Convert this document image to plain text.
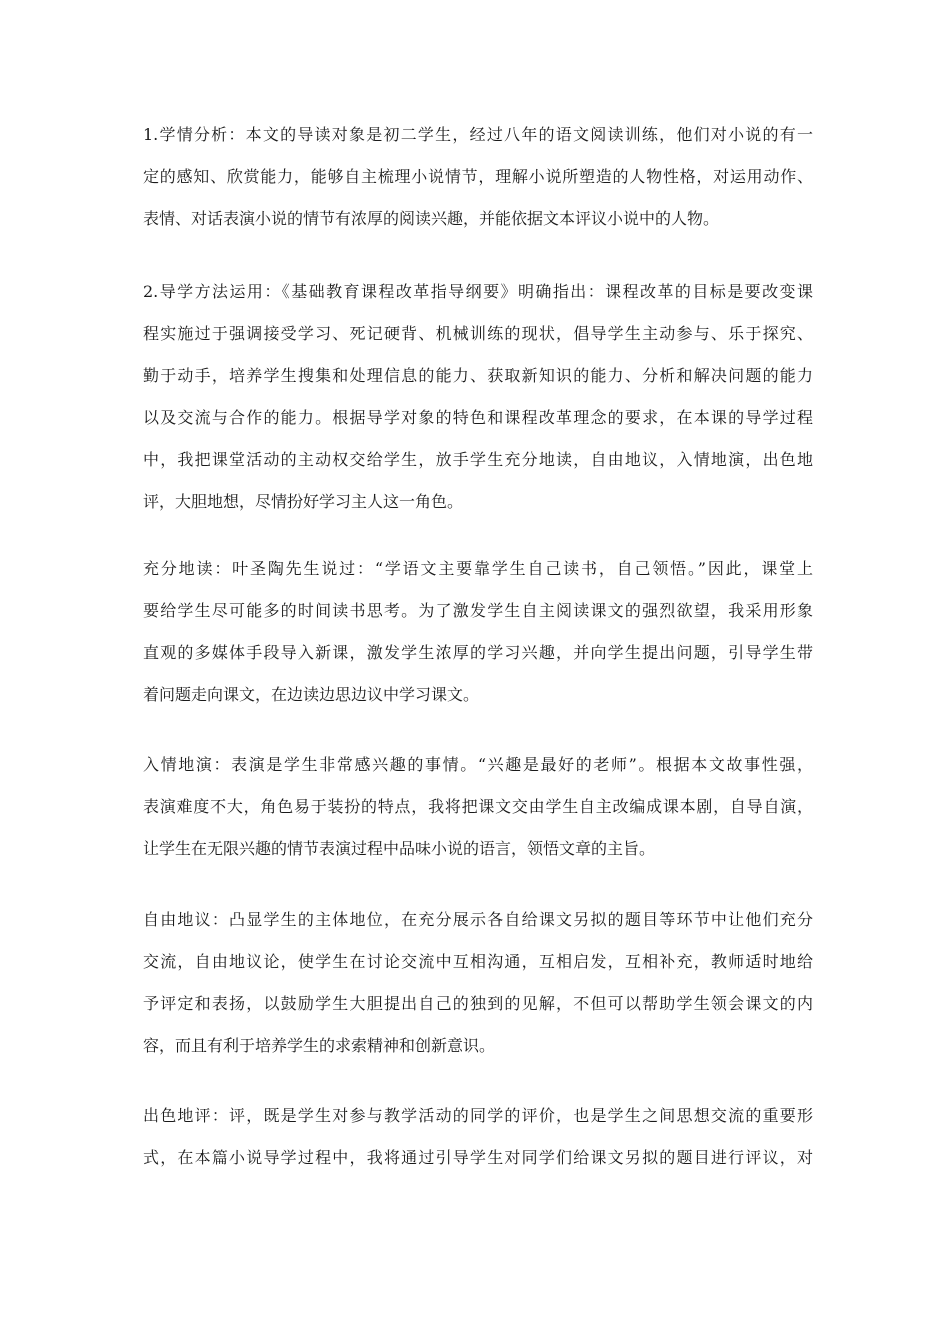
1.学情分析：本文的导读对象是初二学生，经过八年的语文阅读训练，他们对小说的有一
定的感知、欣赏能力，能够自主梳理小说情节，理解小说所塑造的人物性格，对运用动作、
表情、对话表演小说的情节有浓厚的阅读兴趣，并能依据文本评议小说中的人物。
2.导学方法运用：《基础教育课程改革指导纲要》明确指出：课程改革的目标是要改变课
程实施过于强调接受学习、死记硬背、机械训练的现状，倡导学生主动参与、乐于探究、
勤于动手，培养学生搜集和处理信息的能力、获取新知识的能力、分析和解决问题的能力
以及交流与合作的能力。根据导学对象的特色和课程改革理念的要求，在本课的导学过程
中，我把课堂活动的主动权交给学生，放手学生充分地读，自由地议，入情地演，出色地
评，大胆地想，尽情扮好学习主人这一角色。
充分地读：叶圣陶先生说过：“学语文主要靠学生自己读书，自己领悟。”因此，课堂上
要给学生尽可能多的时间读书思考。为了激发学生自主阅读课文的强烈欲望，我采用形象
直观的多媒体手段导入新课，激发学生浓厚的学习兴趣，并向学生提出问题，引导学生带
着问题走向课文，在边读边思边议中学习课文。
入情地演：表演是学生非常感兴趣的事情。“兴趣是最好的老师”。根据本文故事性强，
表演难度不大，角色易于装扮的特点，我将把课文交由学生自主改编成课本剧，自导自演，
让学生在无限兴趣的情节表演过程中品味小说的语言，领悟文章的主旨。
自由地议：凸显学生的主体地位，在充分展示各自给课文另拟的题目等环节中让他们充分
交流，自由地议论，使学生在讨论交流中互相沟通，互相启发，互相补充，教师适时地给
予评定和表扬，以鼓励学生大胆提出自己的独到的见解，不但可以帮助学生领会课文的内
容，而且有利于培养学生的求索精神和创新意识。
出色地评：评，既是学生对参与教学活动的同学的评价，也是学生之间思想交流的重要形
式，在本篇小说导学过程中，我将通过引导学生对同学们给课文另拟的题目进行评议，对
